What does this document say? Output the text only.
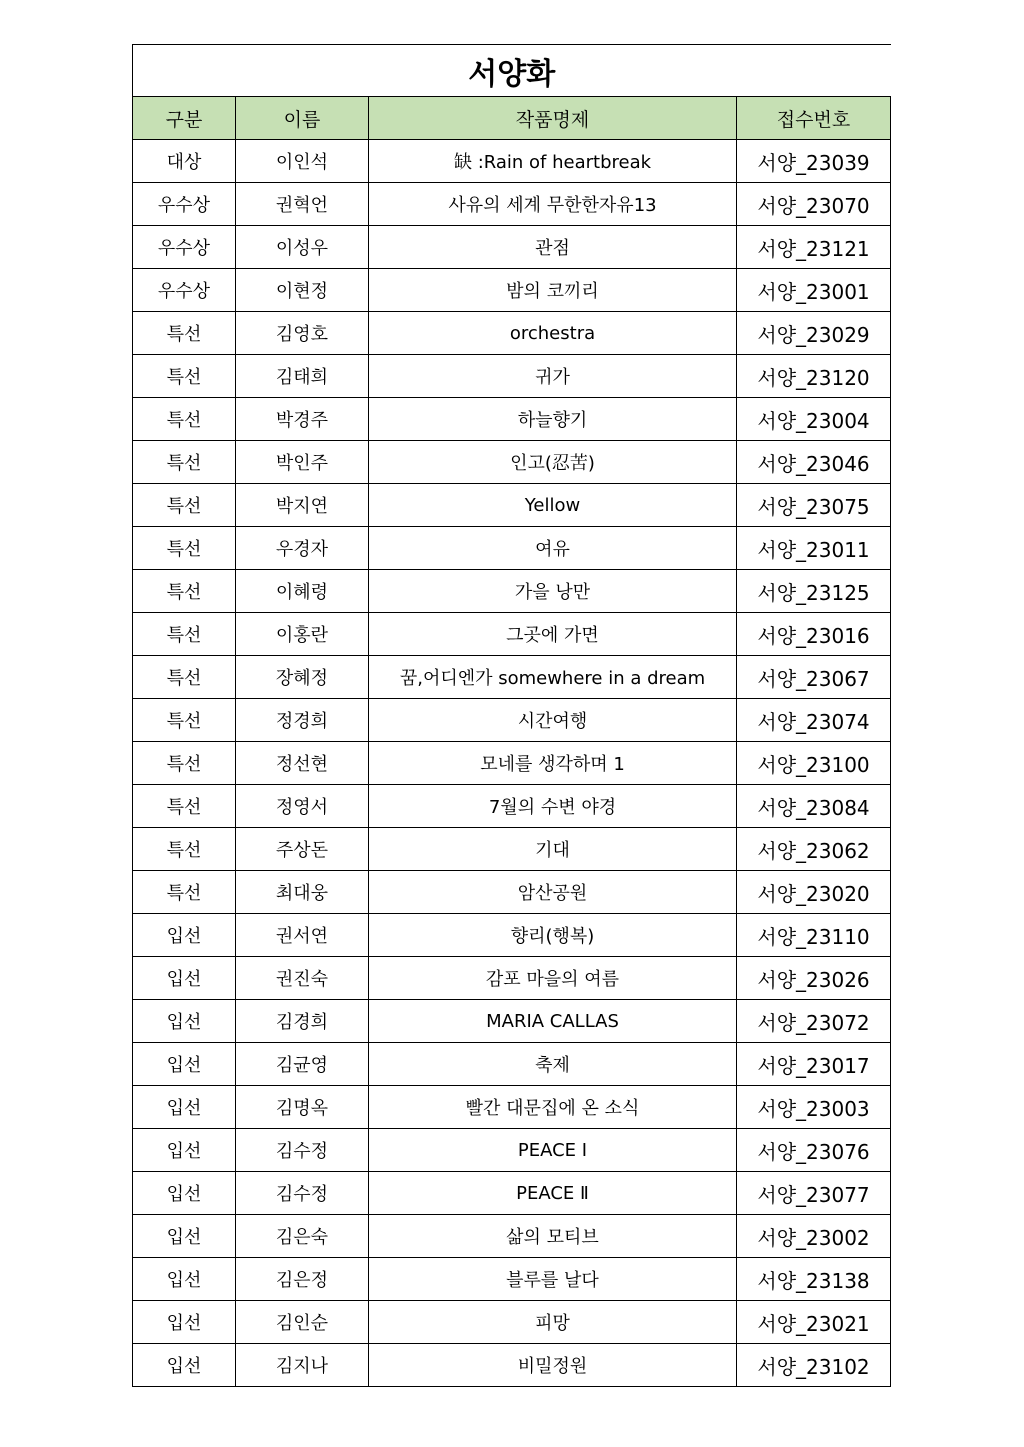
서양화			
구분	이름	작품명제	접수번호
대상	이인석	缺 :Rain of heartbreak	서양_23039
우수상	권혁언	사유의 세계 무한한자유13	서양_23070
우수상	이성우	관점	서양_23121
우수상	이현정	밤의 코끼리	서양_23001
특선	김영호	orchestra	서양_23029
특선	김태희	귀가	서양_23120
특선	박경주	하늘향기	서양_23004
특선	박인주	인고(忍苦)	서양_23046
특선	박지연	Yellow	서양_23075
특선	우경자	여유	서양_23011
특선	이혜령	가을 낭만	서양_23125
특선	이홍란	그곳에 가면	서양_23016
특선	장혜정	꿈,어디엔가 somewhere in a dream	서양_23067
특선	정경희	시간여행	서양_23074
특선	정선현	모네를 생각하며 1	서양_23100
특선	정영서	7월의 수변 야경	서양_23084
특선	주상돈	기대	서양_23062
특선	최대웅	암산공원	서양_23020
입선	권서연	향리(행복)	서양_23110
입선	권진숙	감포 마을의 여름	서양_23026
입선	김경희	MARIA CALLAS	서양_23072
입선	김균영	축제	서양_23017
입선	김명옥	빨간 대문집에 온 소식	서양_23003
입선	김수정	PEACE Ⅰ	서양_23076
입선	김수정	PEACE Ⅱ	서양_23077
입선	김은숙	삶의 모티브	서양_23002
입선	김은정	블루를 날다	서양_23138
입선	김인순	피망	서양_23021
입선	김지나	비밀정원	서양_23102
